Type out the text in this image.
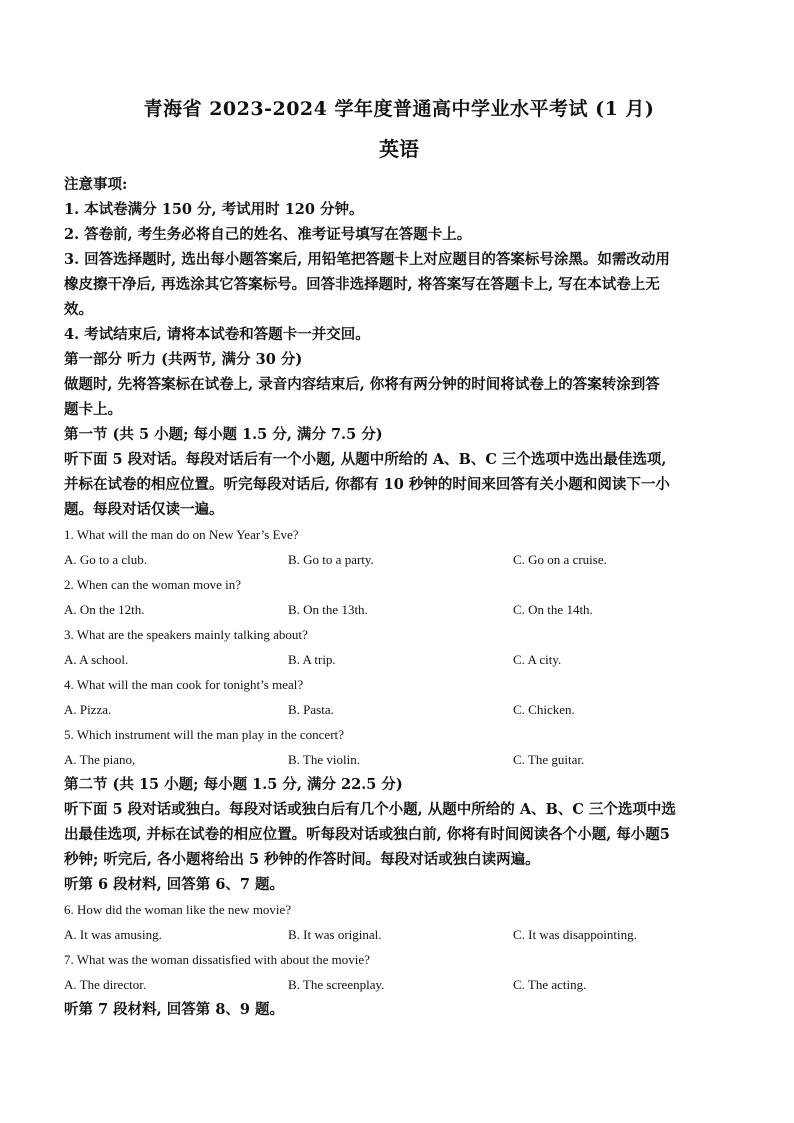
青海省 2023-2024 学年度普通高中学业水平考试 (1 月)
英语

注意事项:

1. 本试卷满分 150 分, 考试用时 120 分钟。

2. 答卷前, 考生务必将自己的姓名、准考证号填写在答题卡上。

3. 回答选择题时, 选出每小题答案后, 用铅笔把答题卡上对应题目的答案标号涂黑。如需改动用

橡皮擦干净后, 再选涂其它答案标号。回答非选择题时, 将答案写在答题卡上, 写在本试卷上无

效。

4. 考试结束后, 请将本试卷和答题卡一并交回。

第一部分 听力 (共两节, 满分 30 分)

做题时, 先将答案标在试卷上, 录音内容结束后, 你将有两分钟的时间将试卷上的答案转涂到答

题卡上。

第一节 (共 5 小题; 每小题 1.5 分, 满分 7.5 分)

听下面 5 段对话。每段对话后有一个小题, 从题中所给的 A、B、C 三个选项中选出最佳选项,

并标在试卷的相应位置。听完每段对话后, 你都有 10 秒钟的时间来回答有关小题和阅读下一小

题。每段对话仅读一遍。

1. What will the man do on New Year’s Eve?

A. Go to a club.	B. Go to a party.	C. Go on a cruise.

2. When can the woman move in?

A. On the 12th.	B. On the 13th.	C. On the 14th.

3. What are the speakers mainly talking about?

A. A school.	B. A trip.	C. A city.

4. What will the man cook for tonight’s meal?

A. Pizza.	B. Pasta.	C. Chicken.

5. Which instrument will the man play in the concert?

A. The piano,	B. The violin.	C. The guitar.

第二节 (共 15 小题; 每小题 1.5 分, 满分 22.5 分)

听下面 5 段对话或独白。每段对话或独白后有几个小题, 从题中所给的 A、B、C 三个选项中选

出最佳选项, 并标在试卷的相应位置。听每段对话或独白前, 你将有时间阅读各个小题, 每小题5

秒钟; 听完后, 各小题将给出 5 秒钟的作答时间。每段对话或独白读两遍。

听第 6 段材料, 回答第 6、7 题。

6. How did the woman like the new movie?

A. It was amusing.	B. It was original.	C. It was disappointing.

7. What was the woman dissatisfied with about the movie?

A. The director.	B. The screenplay.	C. The acting.

听第 7 段材料, 回答第 8、9 题。
